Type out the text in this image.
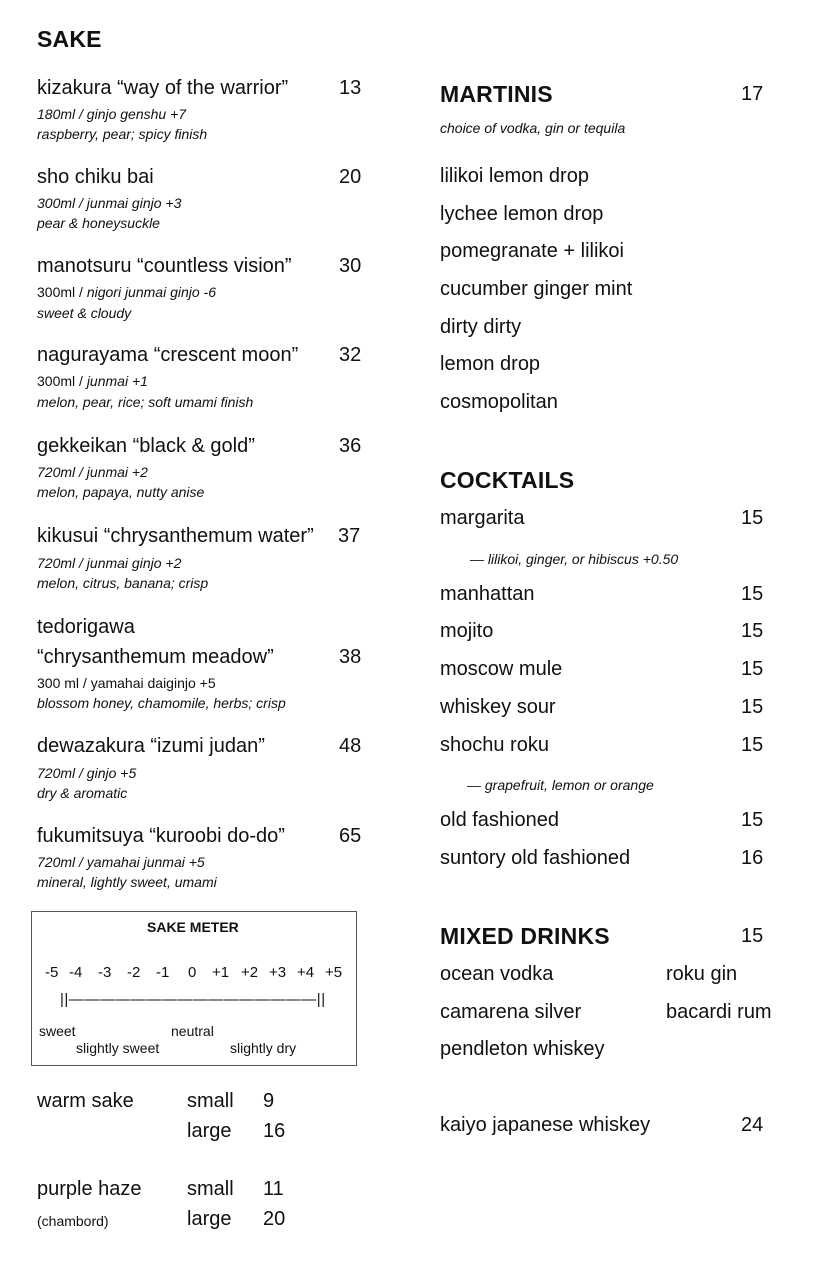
SAKE
kizakura “way of the warrior”	13
180ml / ginjo genshu +7
raspberry, pear; spicy finish
sho chiku bai	20
300ml / junmai ginjo +3
pear & honeysuckle
manotsuru “countless vision” 30
300ml / nigori junmai ginjo -6
sweet & cloudy
nagurayama “crescent moon” 32
300ml / junmai +1
melon, pear, rice; soft umami finish
gekkeikan “black & gold”	36
720ml / junmai +2
melon, papaya, nutty anise
kikusui “chrysanthemum water” 37
720ml / junmai ginjo +2
melon, citrus, banana; crisp
tedorigawa
“chrysanthemum meadow”	38
300 ml / yamahai daiginjo +5
blossom honey, chamomile, herbs; crisp
dewazakura “izumi judan”	48
720ml / ginjo +5
dry & aromatic
fukumitsuya “kuroobi do-do”	65
720ml / yamahai junmai +5
mineral, lightly sweet, umami
SAKE METER
-5 -4 -3 -2 -1 0 +1 +2 +3 +4 +5
||————————————————||
sweet	neutral
slightly sweet	slightly dry
warm sake	small 9
large 16
purple haze
(chambord)
small 11
large 20
MARTINIS	17
choice of vodka, gin or tequila
lilikoi lemon drop
lychee lemon drop
pomegranate + lilikoi
cucumber ginger mint
dirty dirty
lemon drop
cosmopolitan
COCKTAILS
margarita	15
— lilikoi, ginger, or hibiscus +0.50
manhattan	15
mojito	15
moscow mule	15
whiskey sour	15
shochu roku	15
— grapefruit, lemon or orange
old fashioned	15
suntory old fashioned	16
MIXED DRINKS	15
ocean vodka	roku gin
camarena silver	bacardi rum
pendleton whiskey
kaiyo japanese whiskey	24
